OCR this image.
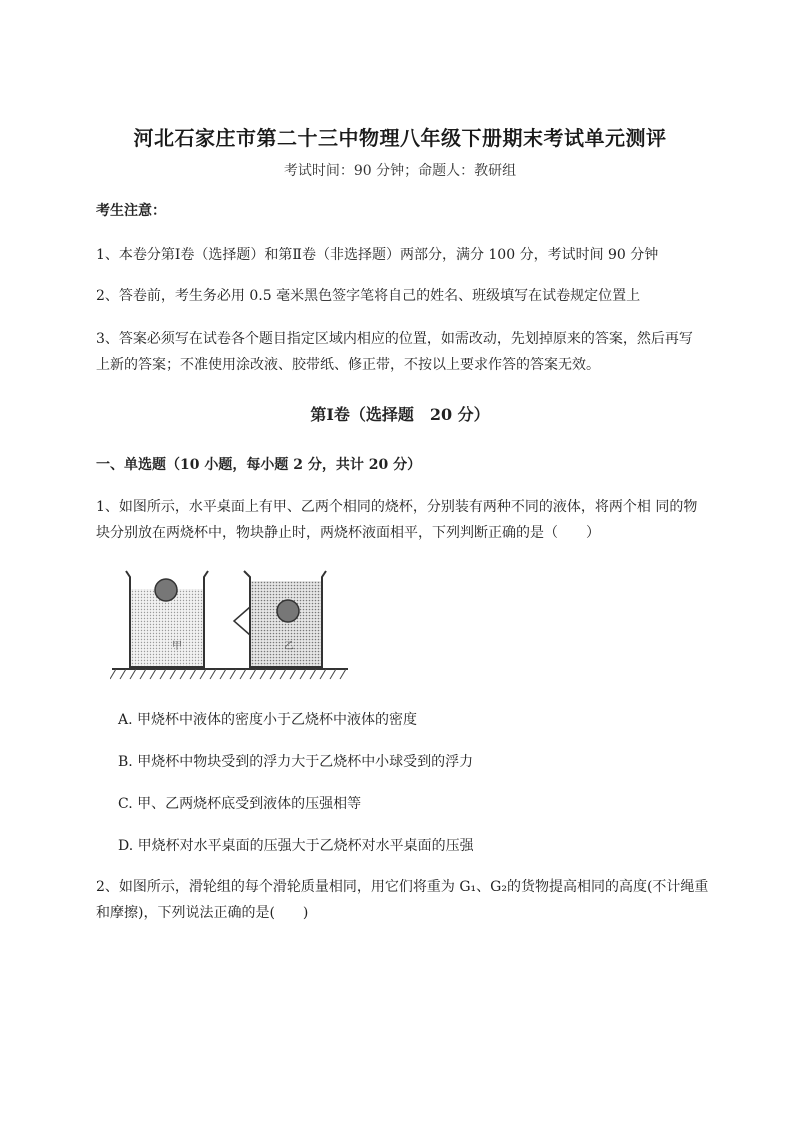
河北石家庄市第二十三中物理八年级下册期末考试单元测评
考试时间：90 分钟；命题人：教研组
考生注意：
1、本卷分第Ⅰ卷（选择题）和第Ⅱ卷（非选择题）两部分，满分 100 分，考试时间 90 分钟
2、答卷前，考生务必用 0.5 毫米黑色签字笔将自己的姓名、班级填写在试卷规定位置上
3、答案必须写在试卷各个题目指定区域内相应的位置，如需改动，先划掉原来的答案，然后再写上新的答案；不准使用涂改液、胶带纸、修正带，不按以上要求作答的答案无效。
第Ⅰ卷（选择题　20 分）
一、单选题（10 小题，每小题 2 分，共计 20 分）
1、如图所示，水平桌面上有甲、乙两个相同的烧杯，分别装有两种不同的液体，将两个相 同的物块分别放在两烧杯中，物块静止时，两烧杯液面相平，下列判断正确的是（　　）
甲	乙
A. 甲烧杯中液体的密度小于乙烧杯中液体的密度
B. 甲烧杯中物块受到的浮力大于乙烧杯中小球受到的浮力
C. 甲、乙两烧杯底受到液体的压强相等
D. 甲烧杯对水平桌面的压强大于乙烧杯对水平桌面的压强
2、如图所示，滑轮组的每个滑轮质量相同，用它们将重为 G₁、G₂的货物提高相同的高度(不计绳重和摩擦)，下列说法正确的是(　　)
